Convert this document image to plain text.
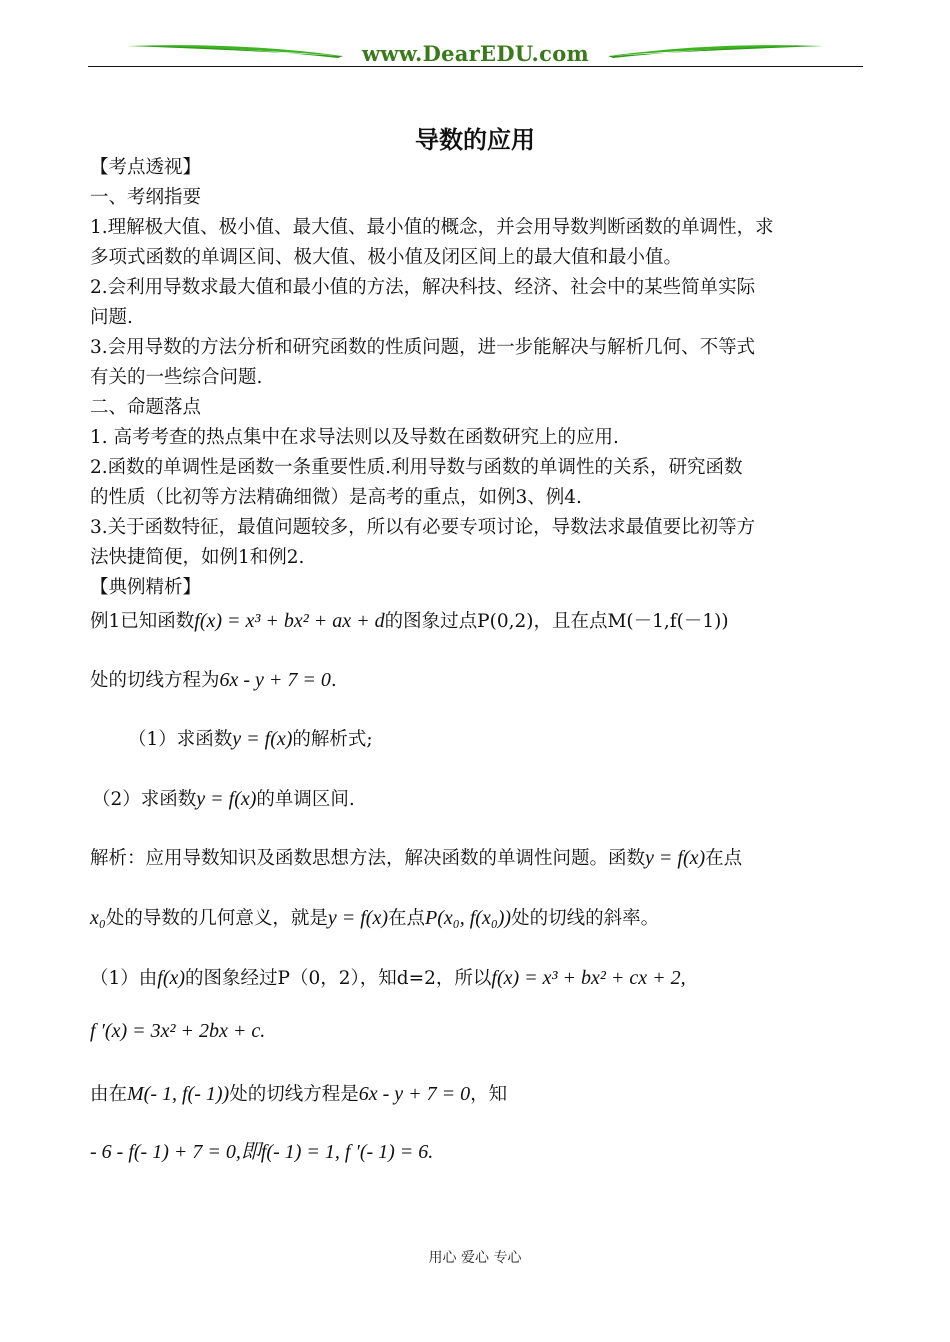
www.DearEDU.com
导数的应用
【考点透视】
一、考纲指要
1.理解极大值、极小值、最大值、最小值的概念，并会用导数判断函数的单调性，求
多项式函数的单调区间、极大值、极小值及闭区间上的最大值和最小值。
2.会利用导数求最大值和最小值的方法，解决科技、经济、社会中的某些简单实际
问题.
3.会用导数的方法分析和研究函数的性质问题，进一步能解决与解析几何、不等式
有关的一些综合问题.
二、命题落点
1. 高考考查的热点集中在求导法则以及导数在函数研究上的应用.
2.函数的单调性是函数一条重要性质.利用导数与函数的单调性的关系，研究函数
的性质（比初等方法精确细微）是高考的重点，如例3、例4.
3.关于函数特征，最值问题较多，所以有必要专项讨论，导数法求最值要比初等方
法快捷简便，如例1和例2.
【典例精析】
例1已知函数f(x) = x³ + bx² + ax + d的图象过点P(0,2)，且在点M(－1,f(－1))
处的切线方程为6x - y + 7 = 0.
（1）求函数y = f(x)的解析式;
（2）求函数y = f(x)的单调区间.
解析：应用导数知识及函数思想方法，解决函数的单调性问题。函数y = f(x)在点
x₀处的导数的几何意义，就是y = f(x)在点P(x₀, f(x₀))处的切线的斜率。
（1）由f(x)的图象经过P（0，2），知d=2，所以f(x) = x³ + bx² + cx + 2,
f ′(x) = 3x² + 2bx + c.
由在M(- 1, f(- 1))处的切线方程是6x - y + 7 = 0，知
- 6 - f(- 1) + 7 = 0,即f(- 1) = 1, f ′(- 1) = 6.
用心 爱心 专心
